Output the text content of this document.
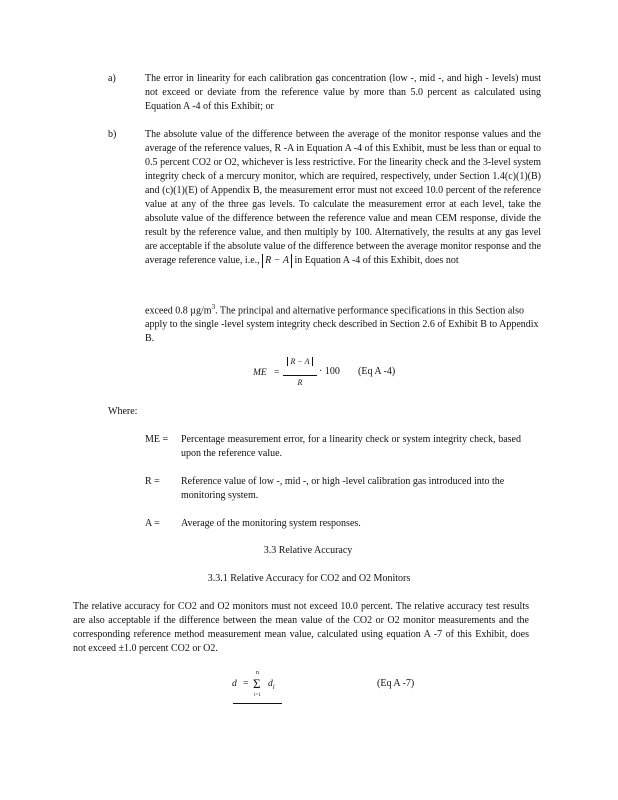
a)	The error in linearity for each calibration gas concentration (low -, mid -, and high - levels) must not exceed or deviate from the reference value by more than 5.0 percent as calculated using Equation A -4 of this Exhibit; or
b)	The absolute value of the difference between the average of the monitor response values and the average of the reference values, R -A in Equation A -4 of this Exhibit, must be less than or equal to 0.5 percent CO2 or O2, whichever is less restrictive. For the linearity check and the 3-level system integrity check of a mercury monitor, which are required, respectively, under Section 1.4(c)(1)(B) and (c)(1)(E) of Appendix B, the measurement error must not exceed 10.0 percent of the reference value at any of the three gas levels. To calculate the measurement error at each level, take the absolute value of the difference between the reference value and mean CEM response, divide the result by the reference value, and then multiply by 100. Alternatively, the results at any gas level are acceptable if the absolute value of the difference between the average monitor response and the average reference value, i.e., R − A in Equation A -4 of this Exhibit, does not
exceed 0.8 $\mu g/m^3$. The principal and alternative performance specifications in this Section also apply to the single -level system integrity check described in Section 2.6 of Exhibit B to Appendix B.
ME =
R − A
R
· 100 (Eq A -4)
Where:
ME = Percentage measurement error, for a linearity check or system integrity check, based upon the reference value.
R = Reference value of low -, mid -, or high -level calibration gas introduced into the monitoring system.
A = Average of the monitoring system responses.
3.3 Relative Accuracy
3.3.1 Relative Accuracy for CO2 and O2 Monitors
The relative accuracy for CO2 and O2 monitors must not exceed 10.0 percent. The relative accuracy test results are also acceptable if the difference between the mean value of the CO2 or O2 monitor measurements and the corresponding reference method measurement mean value, calculated using equation A -7 of this Exhibit, does not exceed ±1.0 percent CO2 or O2.
d =
n
Σ
i=1
$d_i$	(Eq A -7)
